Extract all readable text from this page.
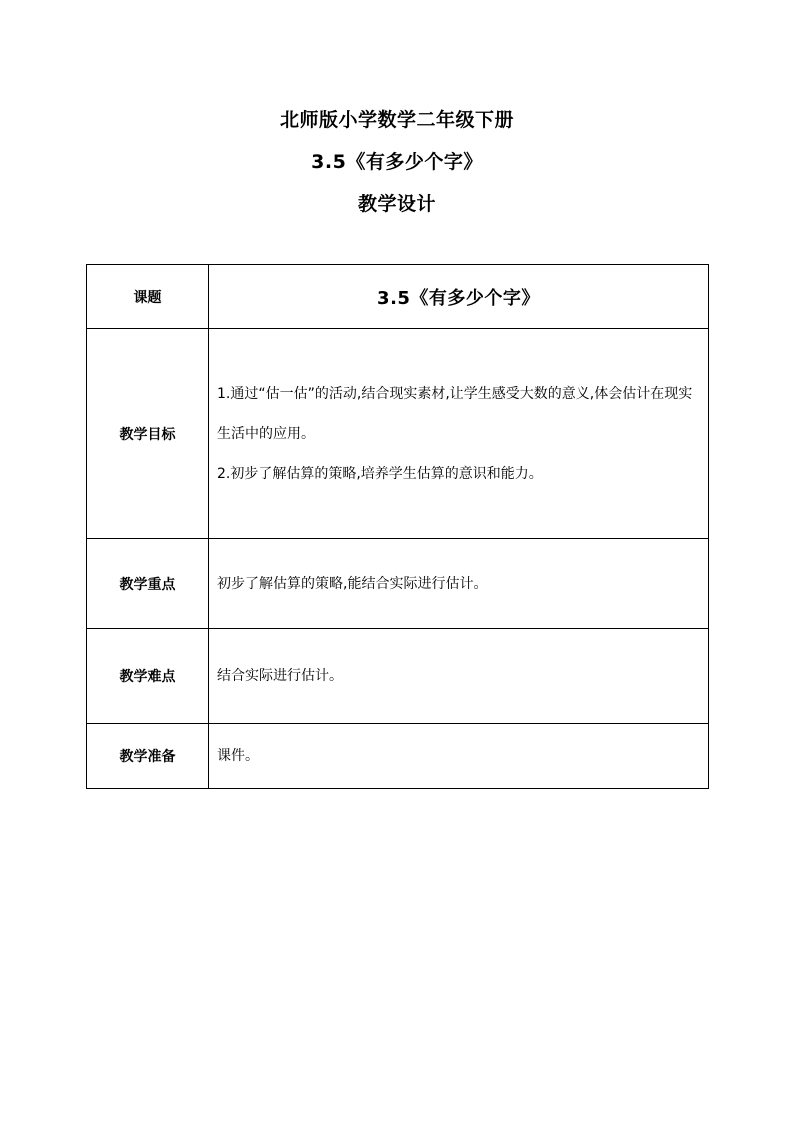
北师版小学数学二年级下册
3.5《有多少个字》
教学设计
课题	3.5《有多少个字》
教学目标	1.通过“估一估”的活动,结合现实素材,让学生感受大数的意义,体会估计在现实生活中的应用。

2.初步了解估算的策略,培养学生估算的意识和能力。

教学重点	初步了解估算的策略,能结合实际进行估计。
教学难点	结合实际进行估计。
教学准备	课件。
